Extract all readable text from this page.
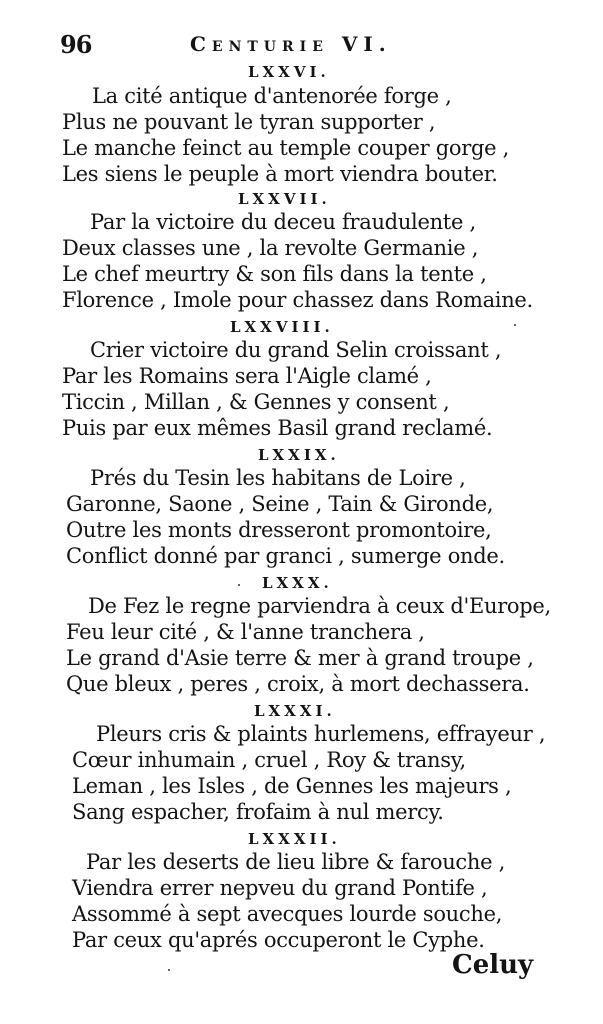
96	Centurie VI.
LXXVI.
La cité antique d'antenorée forge ,
Plus ne pouvant le tyran supporter ,
Le manche feinct au temple couper gorge ,
Les siens le peuple à mort viendra bouter.
LXXVII.
Par la victoire du deceu fraudulente ,
Deux classes une , la revolte Germanie ,
Le chef meurtry & son fils dans la tente ,
Florence , Imole pour chassez dans Romaine.
LXXVIII.
Crier victoire du grand Selin croissant ,
Par les Romains sera l'Aigle clamé ,
Ticcin , Millan , & Gennes y consent ,
Puis par eux mêmes Basil grand reclamé.
LXXIX.
Prés du Tesin les habitans de Loire ,
Garonne, Saone , Seine , Tain & Gironde,
Outre les monts dresseront promontoire,
Conflict donné par granci , sumerge onde.
LXXX.
De Fez le regne parviendra à ceux d'Europe,
Feu leur cité , & l'anne tranchera ,
Le grand d'Asie terre & mer à grand troupe ,
Que bleux , peres , croix, à mort dechassera.
LXXXI.
Pleurs cris & plaints hurlemens, effrayeur ,
Cœur inhumain , cruel , Roy & transy,
Leman , les Isles , de Gennes les majeurs ,
Sang espacher, frofaim à nul mercy.
LXXXII.
Par les deserts de lieu libre & farouche ,
Viendra errer nepveu du grand Pontife ,
Assommé à sept avecques lourde souche,
Par ceux qu'aprés occuperont le Cyphe.
Celuy
